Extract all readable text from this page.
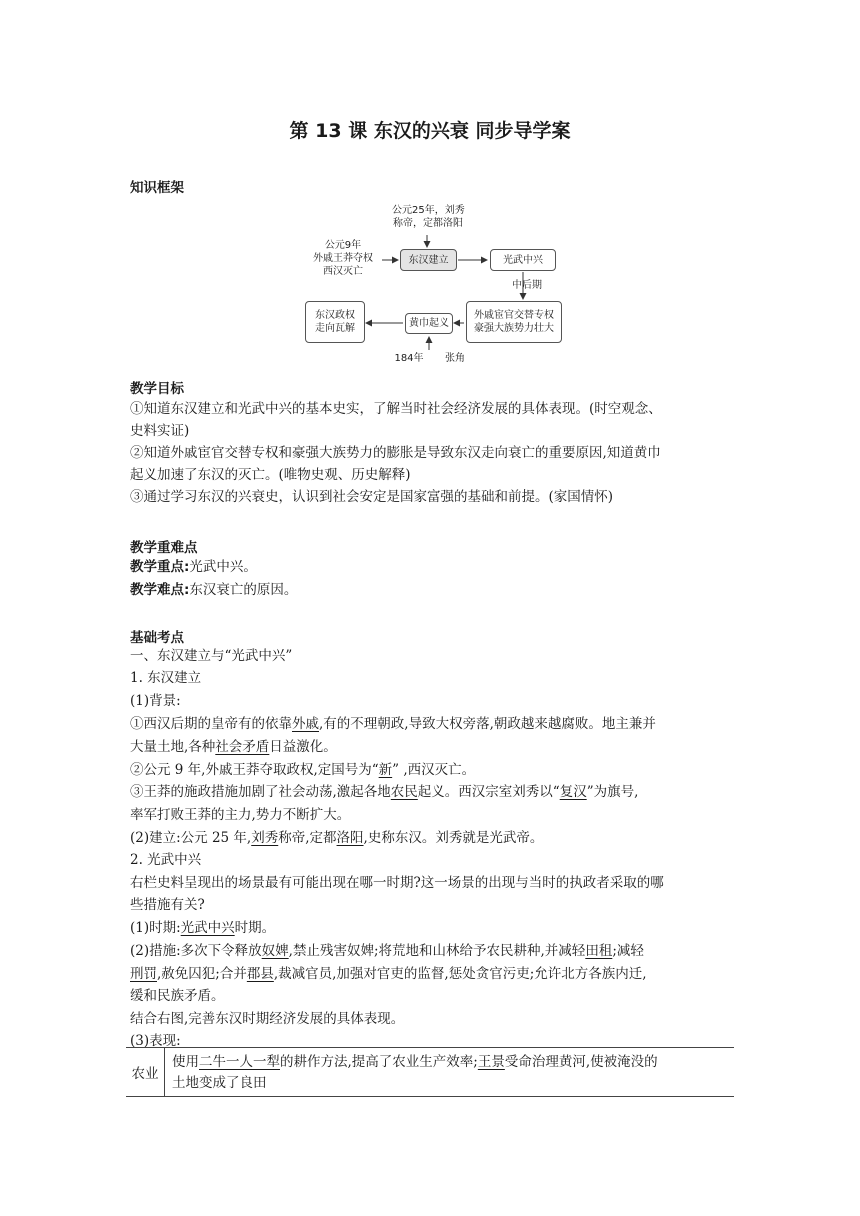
第 13 课 东汉的兴衰 同步导学案
知识框架
公元25年，刘秀
称帝，定都洛阳
公元9年
外戚王莽夺权
西汉灭亡
东汉建立	光武中兴
中后期
外戚宦官交替专权
豪强大族势力壮大
黄巾起义
东汉政权
走向瓦解
184年	张角
教学目标
①知道东汉建立和光武中兴的基本史实，了解当时社会经济发展的具体表现。(时空观念、
史料实证)
②知道外戚宦官交替专权和豪强大族势力的膨胀是导致东汉走向衰亡的重要原因,知道黄巾
起义加速了东汉的灭亡。(唯物史观、历史解释)
③通过学习东汉的兴衰史，认识到社会安定是国家富强的基础和前提。(家国情怀)
教学重难点
教学重点:光武中兴。
教学难点:东汉衰亡的原因。
基础考点
一、东汉建立与“光武中兴”
1. 东汉建立
(1)背景:
①西汉后期的皇帝有的依靠外戚,有的不理朝政,导致大权旁落,朝政越来越腐败。地主兼并
大量土地,各种社会矛盾日益激化。
②公元 9 年,外戚王莽夺取政权,定国号为“新” ,西汉灭亡。
③王莽的施政措施加剧了社会动荡,激起各地农民起义。西汉宗室刘秀以“复汉”为旗号,
率军打败王莽的主力,势力不断扩大。
(2)建立:公元 25 年,刘秀称帝,定都洛阳,史称东汉。刘秀就是光武帝。
2. 光武中兴
右栏史料呈现出的场景最有可能出现在哪一时期?这一场景的出现与当时的执政者采取的哪
些措施有关?
(1)时期:光武中兴时期。
(2)措施:多次下令释放奴婢,禁止残害奴婢;将荒地和山林给予农民耕种,并减轻田租;减轻
刑罚,赦免囚犯;合并郡县,裁减官员,加强对官吏的监督,惩处贪官污吏;允许北方各族内迁,
缓和民族矛盾。
结合右图,完善东汉时期经济发展的具体表现。
(3)表现:
农业
使用二牛一人一犁的耕作方法,提高了农业生产效率;王景受命治理黄河,使被淹没的
土地变成了良田
